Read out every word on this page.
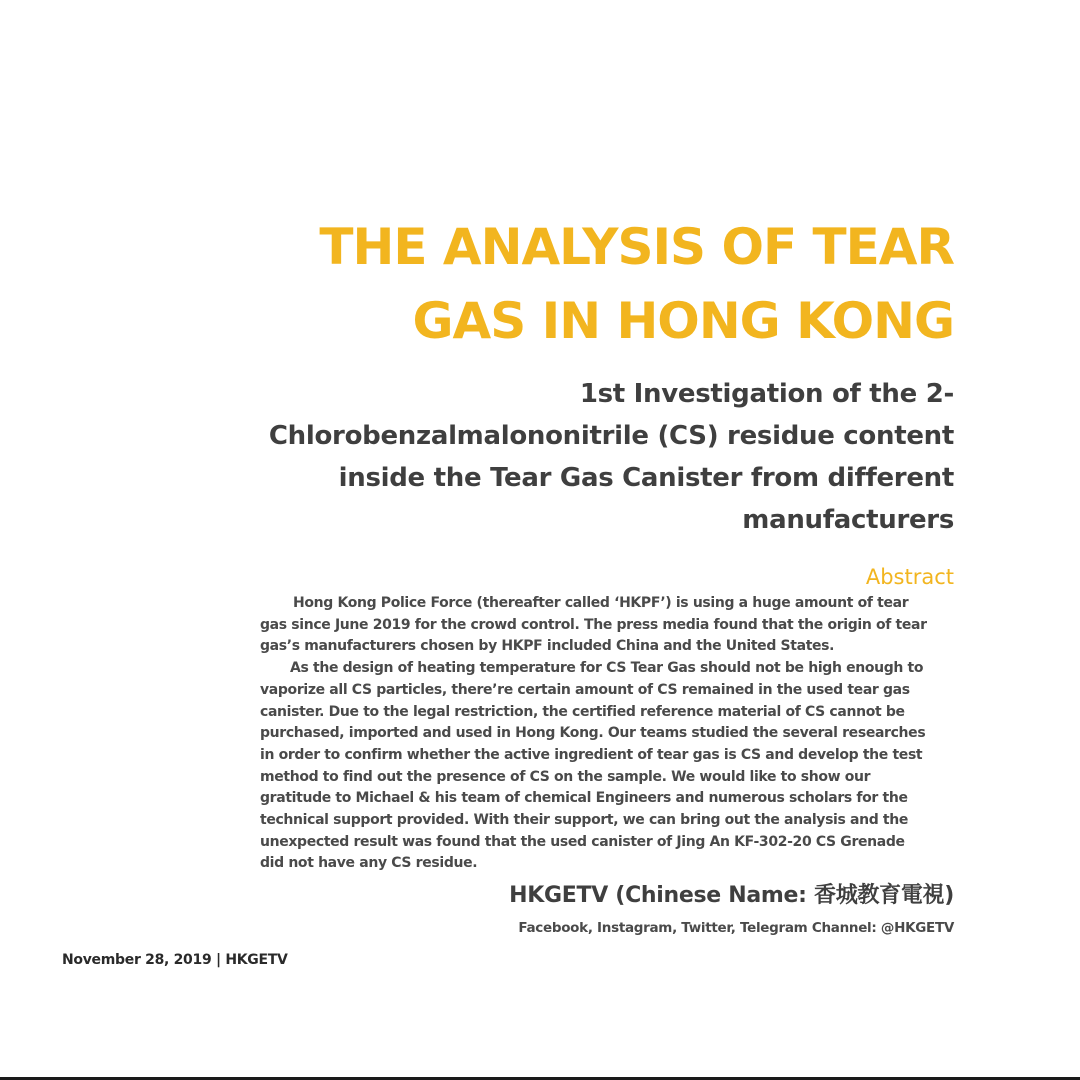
THE ANALYSIS OF TEAR
GAS IN HONG KONG
1st Investigation of the 2-
Chlorobenzalmalononitrile (CS) residue content
inside the Tear Gas Canister from different
manufacturers
Abstract
Hong Kong Police Force (thereafter called ‘HKPF’) is using a huge amount of tear
gas since June 2019 for the crowd control. The press media found that the origin of tear
gas’s manufacturers chosen by HKPF included China and the United States.
As the design of heating temperature for CS Tear Gas should not be high enough to
vaporize all CS particles, there’re certain amount of CS remained in the used tear gas
canister. Due to the legal restriction, the certified reference material of CS cannot be
purchased, imported and used in Hong Kong. Our teams studied the several researches
in order to confirm whether the active ingredient of tear gas is CS and develop the test
method to find out the presence of CS on the sample. We would like to show our
gratitude to Michael & his team of chemical Engineers and numerous scholars for the
technical support provided. With their support, we can bring out the analysis and the
unexpected result was found that the used canister of Jing An KF-302-20 CS Grenade
did not have any CS residue.

HKGETV (Chinese Name: 香城教育電視)

Facebook, Instagram, Twitter, Telegram Channel: @HKGETV

November 28, 2019 | HKGETV
